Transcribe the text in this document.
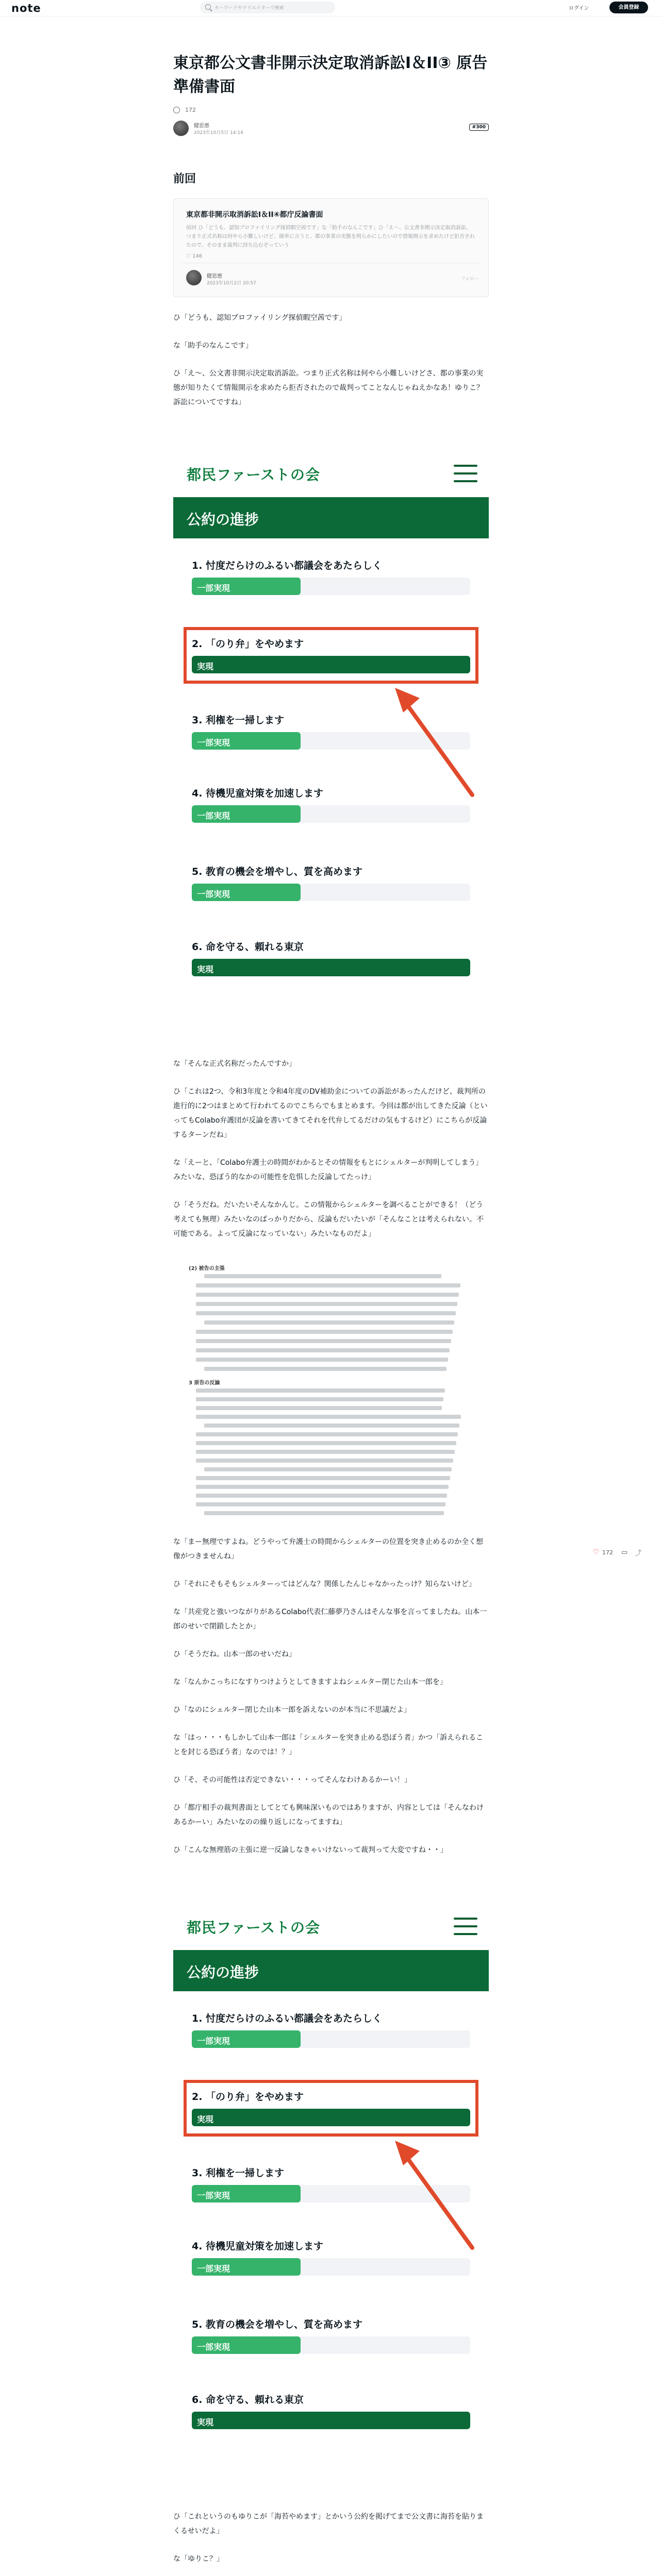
note	キーワードやクリエイターで検索	ログイン	会員登録
♡ 172 ▭ ⤴
東京都公文書非開示決定取消訴訟I＆II③ 原告準備書面
172
健思悪
2023年10月5日 14:14
#300
前回
東京都非開示取消訴訟I＆II④都庁反論書面
前回 ひ「どうも、認知プロファイリング探偵暇空茜です」な「助手のなんこです」ひ「え〜、公文書非開示決定取消訴訟。つまり正式名称は何やら小難しいけど、簡単に言うと、都の事業の実態を明らかにしたいので情報開示を求めたけど拒否されたので、そのまま裁判に持ち込むぞっていう
♡ 146
健思悪
2023年10月2日 20:57
フォロー

ひ「どうも、認知プロファイリング探偵暇空茜です」

な「助手のなんこです」

ひ「え〜、公文書非開示決定取消訴訟。つまり正式名称は何やら小難しいけどさ、都の事業の実態が知りたくて情報開示を求めたら拒否されたので裁判ってことなんじゃねえかなあ！ゆりこ？訴訟についてですね」

都民ファーストの会
公約の進捗
1. 忖度だらけのふるい都議会をあたらしく
一部実現
2. 「のり弁」をやめます
実現
3. 利権を一掃します
一部実現
4. 待機児童対策を加速します
一部実現
5. 教育の機会を増やし、質を高めます
一部実現
6. 命を守る、頼れる東京
実現

な「そんな正式名称だったんですか」

ひ「これは2つ、令和3年度と令和4年度のDV補助金についての訴訟があったんだけど、裁判所の進行的に2つはまとめて行われてるのでこちらでもまとめます。今回は都が出してきた反論（といってもColabo弁護団が反論を書いてきてそれを代弁してるだけの気もするけど）にこちらが反論するターンだね」

な「えーと、「Colabo弁護士の時間がわかるとその情報をもとにシェルターが判明してしまう」みたいな、恐ぼう的なかの可能性を危惧した反論してたっけ」

ひ「そうだね。だいたいそんなかんじ。この情報からシェルターを調べることができる！（どう考えても無理）みたいなのばっかりだから、反論もだいたいが「そんなことは考えられない。不可能である。よって反論になっていない」みたいなものだよ」

(2) 被告の主張
3 原告の反論

な「まー無理ですよね。どうやって弁護士の時間からシェルターの位置を突き止めるのか全く想像がつきませんね」

ひ「それにそもそもシェルターってはどんな？関係したんじゃなかったっけ？知らないけど」

な「共産党と強いつながりがあるColabo代表仁藤夢乃さんはそんな事を言ってましたね。山本一郎のせいで閉鎖したとか」

ひ「そうだね。山本一郎のせいだね」

な「なんかこっちになすりつけようとしてきますよねシェルター閉じた山本一郎を」

ひ「なのにシェルター閉じた山本一郎を訴えないのが本当に不思議だよ」

な「はっ・・・もしかして山本一郎は「シェルターを突き止める恐ぼう者」かつ「訴えられることを封じる恐ぼう者」なのでは！？」

ひ「そ、その可能性は否定できない・・・ってそんなわけあるかーい！」

ひ「都庁相手の裁判書面としてとても興味深いものではありますが、内容としては「そんなわけあるかーい」みたいなのの繰り返しになってますね」

ひ「こんな無理筋の主張に逆一反論しなきゃいけないって裁判って大変ですね・・」

都民ファーストの会
公約の進捗
1. 忖度だらけのふるい都議会をあたらしく
一部実現
2. 「のり弁」をやめます
実現
3. 利権を一掃します
一部実現
4. 待機児童対策を加速します
一部実現
5. 教育の機会を増やし、質を高めます
一部実現
6. 命を守る、頼れる東京
実現

ひ「これというのもゆりこが「海苔やめます」とかいう公約を掲げてまで公文書に海苔を貼りまくるせいだよ」

な「ゆりこ？」
